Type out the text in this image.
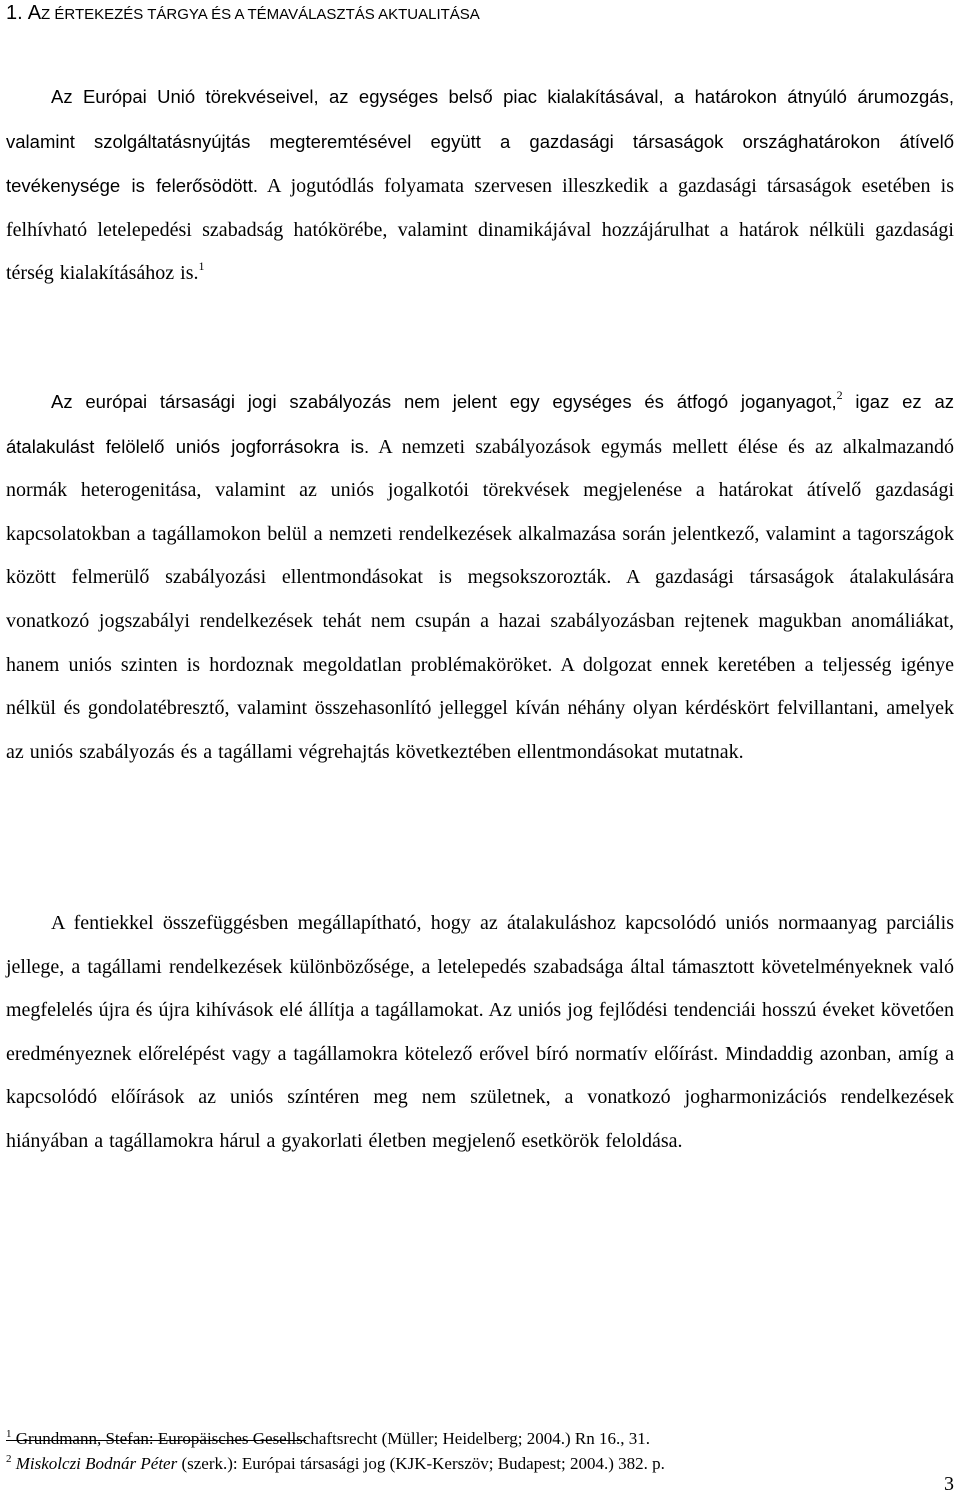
1. AZ ÉRTEKEZÉS TÁRGYA ÉS A TÉMAVÁLASZTÁS AKTUALITÁSA

Az Európai Unió törekvéseivel, az egységes belső piac kialakításával, a határokon átnyúló árumozgás, valamint szolgáltatásnyújtás megteremtésével együtt a gazdasági társaságok országhatárokon átívelő tevékenysége is felerősödött. A jogutódlás folyamata szervesen illeszkedik a gazdasági társaságok esetében is felhívható letelepedési szabadság hatókörébe, valamint dinamikájával hozzájárulhat a határok nélküli gazdasági térség kialakításához is.$^1$

Az európai társasági jogi szabályozás nem jelent egy egységes és átfogó joganyagot,$^2$ igaz ez az átalakulást felölelő uniós jogforrásokra is. A nemzeti szabályozások egymás mellett élése és az alkalmazandó normák heterogenitása, valamint az uniós jogalkotói törekvések megjelenése a határokat átívelő gazdasági kapcsolatokban a tagállamokon belül a nemzeti rendelkezések alkalmazása során jelentkező, valamint a tagországok között felmerülő szabályozási ellentmondásokat is megsokszorozták. A gazdasági társaságok átalakulására vonatkozó jogszabályi rendelkezések tehát nem csupán a hazai szabályozásban rejtenek magukban anomáliákat, hanem uniós szinten is hordoznak megoldatlan problémaköröket. A dolgozat ennek keretében a teljesség igénye nélkül és gondolatébresztő, valamint összehasonlító jelleggel kíván néhány olyan kérdéskört felvillantani, amelyek az uniós szabályozás és a tagállami végrehajtás következtében ellentmondásokat mutatnak.

A fentiekkel összefüggésben megállapítható, hogy az átalakuláshoz kapcsolódó uniós normaanyag parciális jellege, a tagállami rendelkezések különbözősége, a letelepedés szabadsága által támasztott követelményeknek való megfelelés újra és újra kihívások elé állítja a tagállamokat. Az uniós jog fejlődési tendenciái hosszú éveket követően eredményeznek előrelépést vagy a tagállamokra kötelező erővel bíró normatív előírást. Mindaddig azonban, amíg a kapcsolódó előírások az uniós színtéren meg nem születnek, a vonatkozó jogharmonizációs rendelkezések hiányában a tagállamokra hárul a gyakorlati életben megjelenő esetkörök feloldása.

$^1$ Grundmann, Stefan: Europäisches Gesellschaftsrecht (Müller; Heidelberg; 2004.) Rn 16., 31.

$^2$ Miskolczi Bodnár Péter (szerk.): Európai társasági jog (KJK-Kerszöv; Budapest; 2004.) 382. p.

3
